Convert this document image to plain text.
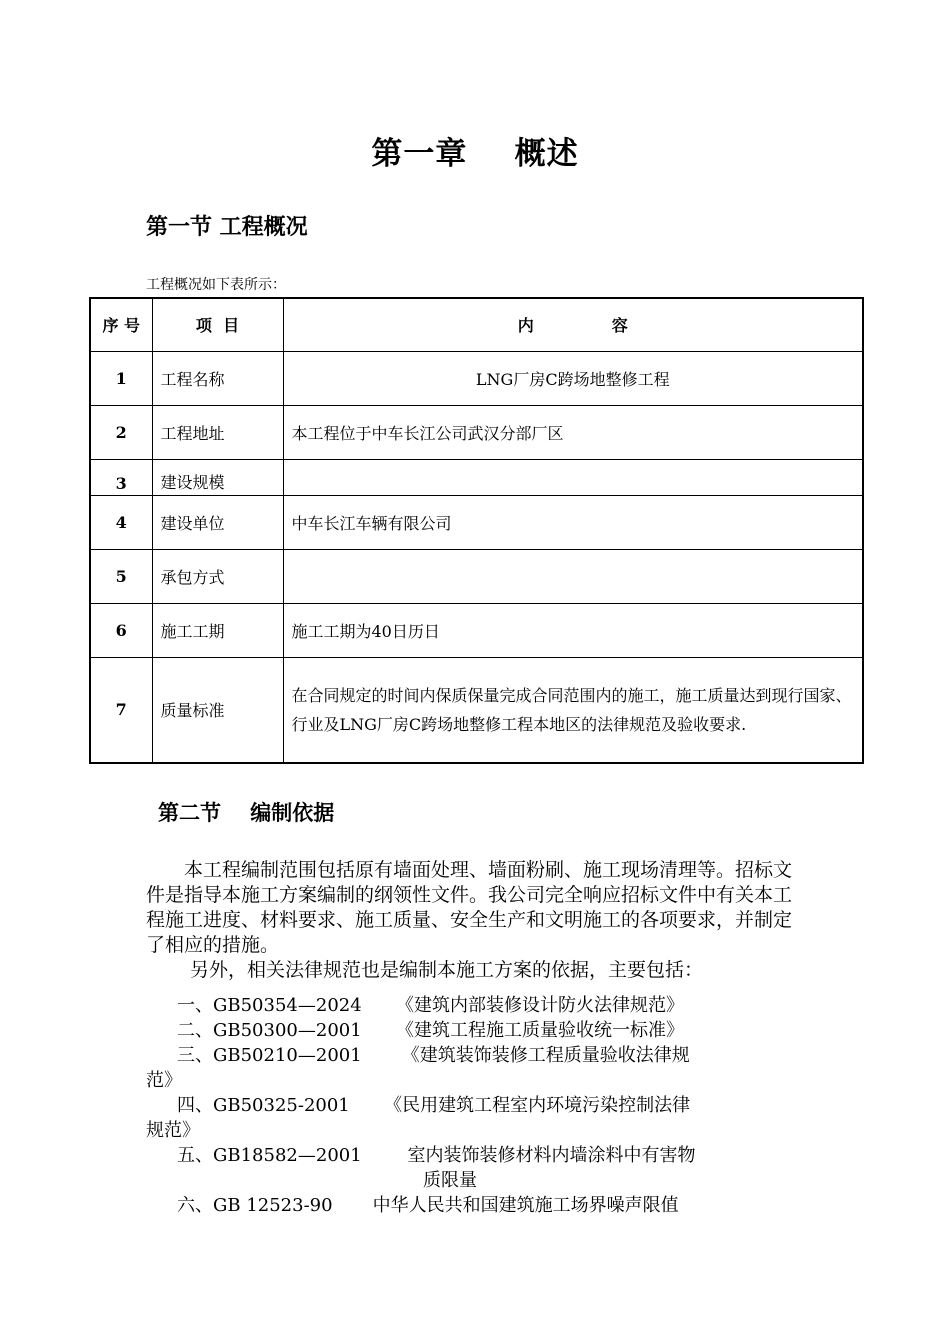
第一章    概述
第一节 工程概况
工程概况如下表所示：
序 号	项  目	内              容
1	工程名称	LNG厂房C跨场地整修工程
2	工程地址	本工程位于中车长江公司武汉分部厂区
3	建设规模	
4	建设单位	中车长江车辆有限公司
5	承包方式	
6	施工工期	施工工期为40日历日
7	质量标准	在合同规定的时间内保质保量完成合同范围内的施工，施工质量达到现行国家、行业及LNG厂房C跨场地整修工程本地区的法律规范及验收要求.
第二节    编制依据
本工程编制范围包括原有墙面处理、墙面粉刷、施工现场清理等。招标文件是指导本施工方案编制的纲领性文件。我公司完全响应招标文件中有关本工程施工进度、材料要求、施工质量、安全生产和文明施工的各项要求，并制定了相应的措施。
另外，相关法律规范也是编制本施工方案的依据，主要包括：
一、GB50354—2024      《建筑内部装修设计防火法律规范》
二、GB50300—2001      《建筑工程施工质量验收统一标准》
三、GB50210—2001       《建筑装饰装修工程质量验收法律规
范》
四、GB50325-2001      《民用建筑工程室内环境污染控制法律
规范》
五、GB18582—2001        室内装饰装修材料内墙涂料中有害物
质限量
六、GB 12523-90       中华人民共和国建筑施工场界噪声限值
